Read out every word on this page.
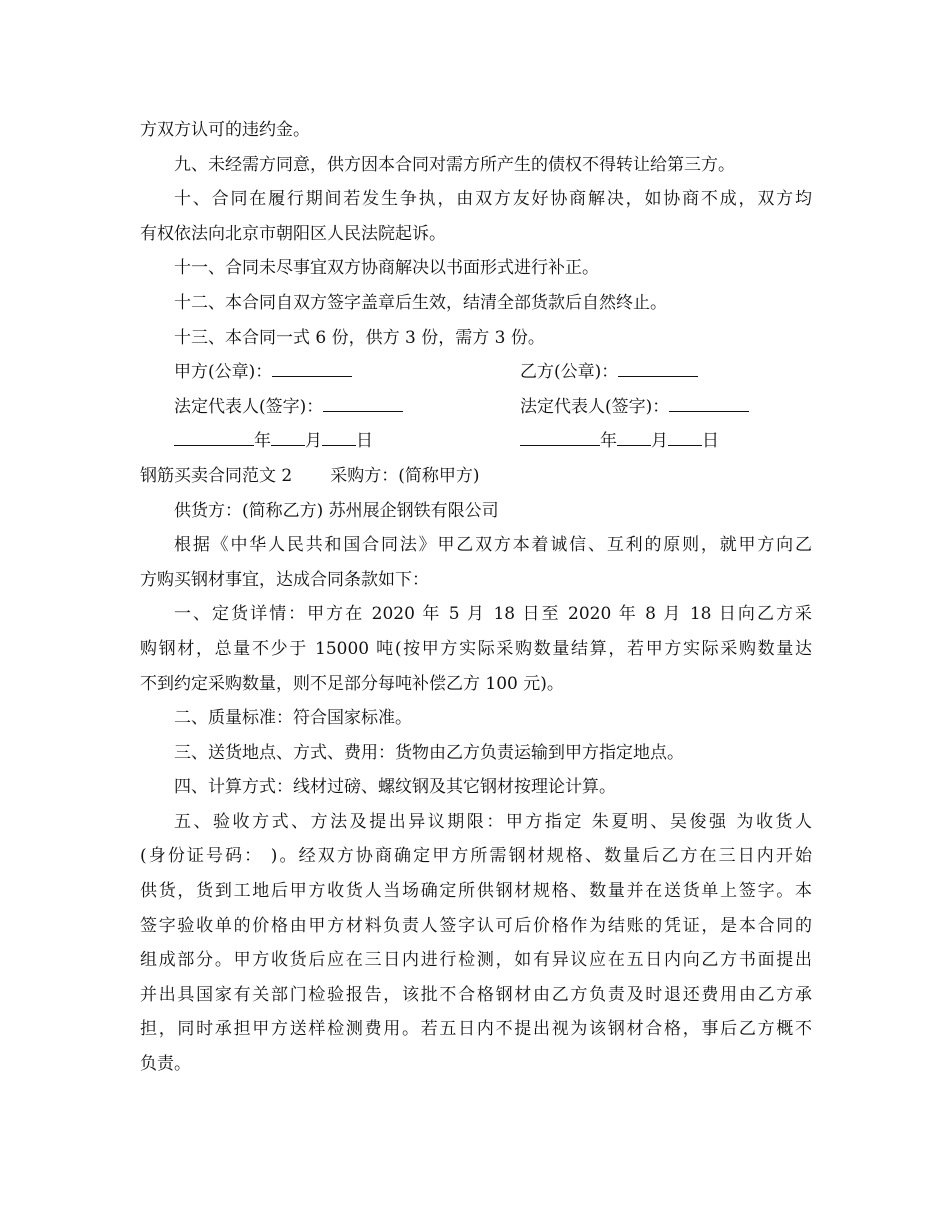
方双方认可的违约金。
九、未经需方同意，供方因本合同对需方所产生的债权不得转让给第三方。
十、合同在履行期间若发生争执，由双方友好协商解决，如协商不成，双方均
有权依法向北京市朝阳区人民法院起诉。
十一、合同未尽事宜双方协商解决以书面形式进行补正。
十二、本合同自双方签字盖章后生效，结清全部货款后自然终止。
十三、本合同一式 6 份，供方 3 份，需方 3 份。
甲方(公章)：	乙方(公章)：
法定代表人(签字)：	法定代表人(签字)：
年 月 日	年 月 日
钢筋买卖合同范文 2 采购方：(简称甲方)
供货方：(简称乙方) 苏州展企钢铁有限公司
根据《中华人民共和国合同法》甲乙双方本着诚信、互利的原则，就甲方向乙
方购买钢材事宜，达成合同条款如下：
一、定货详情：甲方在 2020 年 5 月 18 日至 2020 年 8 月 18 日向乙方采
购钢材，总量不少于 15000 吨(按甲方实际采购数量结算，若甲方实际采购数量达
不到约定采购数量，则不足部分每吨补偿乙方 100 元)。
二、质量标准：符合国家标准。
三、送货地点、方式、费用：货物由乙方负责运输到甲方指定地点。
四、计算方式：线材过磅、螺纹钢及其它钢材按理论计算。
五、验收方式、方法及提出异议期限：甲方指定 朱夏明、吴俊强 为收货人
(身份证号码： )。经双方协商确定甲方所需钢材规格、数量后乙方在三日内开始
供货，货到工地后甲方收货人当场确定所供钢材规格、数量并在送货单上签字。本
签字验收单的价格由甲方材料负责人签字认可后价格作为结账的凭证，是本合同的
组成部分。甲方收货后应在三日内进行检测，如有异议应在五日内向乙方书面提出
并出具国家有关部门检验报告，该批不合格钢材由乙方负责及时退还费用由乙方承
担，同时承担甲方送样检测费用。若五日内不提出视为该钢材合格，事后乙方概不
负责。
